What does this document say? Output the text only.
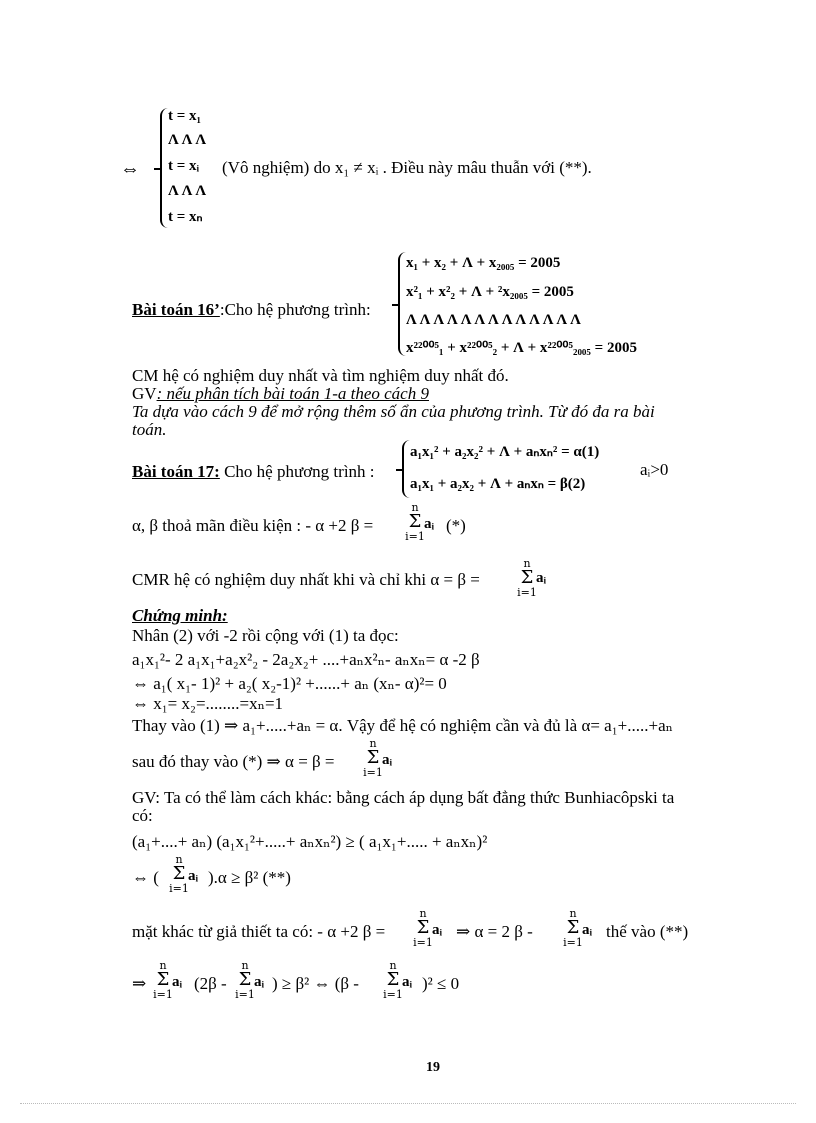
⇔
t = x₁
Λ Λ Λ
t = xᵢ
Λ Λ Λ
t = xₙ
(Vô nghiệm) do x₁ ≠ xᵢ . Điều này mâu thuẫn với (**).
Bài toán 16’:Cho hệ phương trình:
x₁ + x₂ + Λ + x₂₀₀₅ = 2005
x²₁ + x²₂ + Λ + ²x₂₀₀₅ = 2005
Λ Λ Λ Λ Λ Λ Λ Λ Λ Λ Λ Λ Λ
x²²⁰⁰⁵₁ + x²²⁰⁰⁵₂ + Λ + x²²⁰⁰⁵₂₀₀₅ = 2005
CM hệ có nghiệm duy nhất và tìm nghiệm duy nhất đó.
GV: nếu phân tích bài toán 1-a theo cách 9
Ta dựa vào cách 9 để mở rộng thêm số ẩn của phương trình. Từ đó đa ra bài
toán.
Bài toán 17: Cho hệ phương trình :
a₁x₁² + a₂x₂² + Λ + aₙxₙ² = α(1)
a₁x₁ + a₂x₂ + Λ + aₙxₙ = β(2)
aᵢ>0
α, β thoả mãn điều kiện : - α +2 β =
n
Σ
i=1
aᵢ (*)
CMR hệ có nghiệm duy nhất khi và chỉ khi α = β =
n
Σ
i=1
aᵢ
Chứng minh:
Nhân (2) với -2 rồi cộng với (1) ta đọc:
a₁x₁²- 2 a₁x₁+a₂x²₂ - 2a₂x₂+ ....+aₙx²ₙ- aₙxₙ= α -2 β
⇔ a₁( x₁- 1)² + a₂( x₂-1)² +......+ aₙ (xₙ- α)²= 0
⇔ x₁= x₂=........=xₙ=1
Thay vào (1) ⇒ a₁+.....+aₙ = α. Vậy để hệ có nghiệm cần và đủ là α= a₁+.....+aₙ
sau đó thay vào (*) ⇒ α = β =
n
Σ
i=1
aᵢ
GV: Ta có thể làm cách khác: bằng cách áp dụng bất đẳng thức Bunhiacôpski ta
có:
(a₁+....+ aₙ) (a₁x₁²+.....+ aₙxₙ²) ≥ ( a₁x₁+..... + aₙxₙ)²
⇔ (
n
Σ
i=1
aᵢ ).α ≥ β² (**)
mặt khác từ giả thiết ta có: - α +2 β =
n
Σ
i=1
aᵢ ⇒ α = 2 β -
n
Σ
i=1
aᵢ thế vào (**)
⇒
n
Σ
i=1
aᵢ (2β -
n
Σ
i=1
aᵢ ) ≥ β² ⇔ (β -
n
Σ
i=1
aᵢ )² ≤ 0
19
